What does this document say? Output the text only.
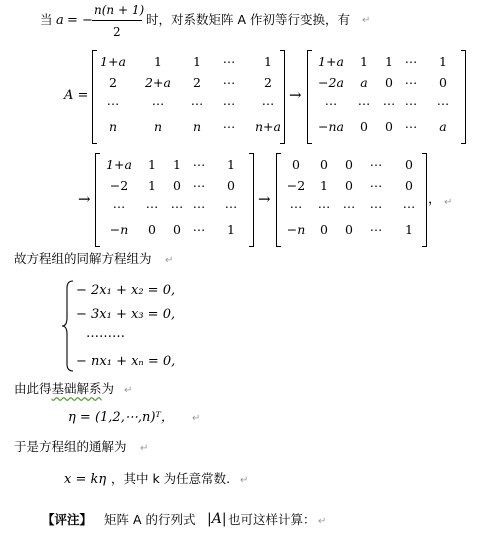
当 a = −
n(n + 1)
2
时，对系数矩阵 A 作初等行变换，有 ↵
A =
1+a	1	1	⋯	1
2	2+a	2	⋯	2
⋯	⋯	⋯	⋯	⋯
n	n	n	⋯	n+a
→
1+a	1	1 ⋯	1
−2a	a	0 ⋯	0
⋯	⋯	⋯ ⋯	⋯
−na	0	0 ⋯	a
→
1+a	1	1 ⋯	1
−2	1	0 ⋯	0
⋯	⋯	⋯ ⋯	⋯
−n	0	0 ⋯	1
→
0	0	0	⋯	0
−2	1	0	⋯	0
⋯	⋯	⋯	⋯	⋯
−n	0	0	⋯	1
， ↵
故方程组的同解方程组为 ↵
− 2x₁ + x₂ = 0,
− 3x₁ + x₃ = 0,
………
− nx₁ + xₙ = 0,
由此得基础解系为 ↵
η = (1,2,⋯,n)ᵀ， ↵
于是方程组的通解为 ↵
x = kη ，其中 k 为任意常数. ↵
【评注】 矩阵 A 的行列式 |A| 也可这样计算： ↵
